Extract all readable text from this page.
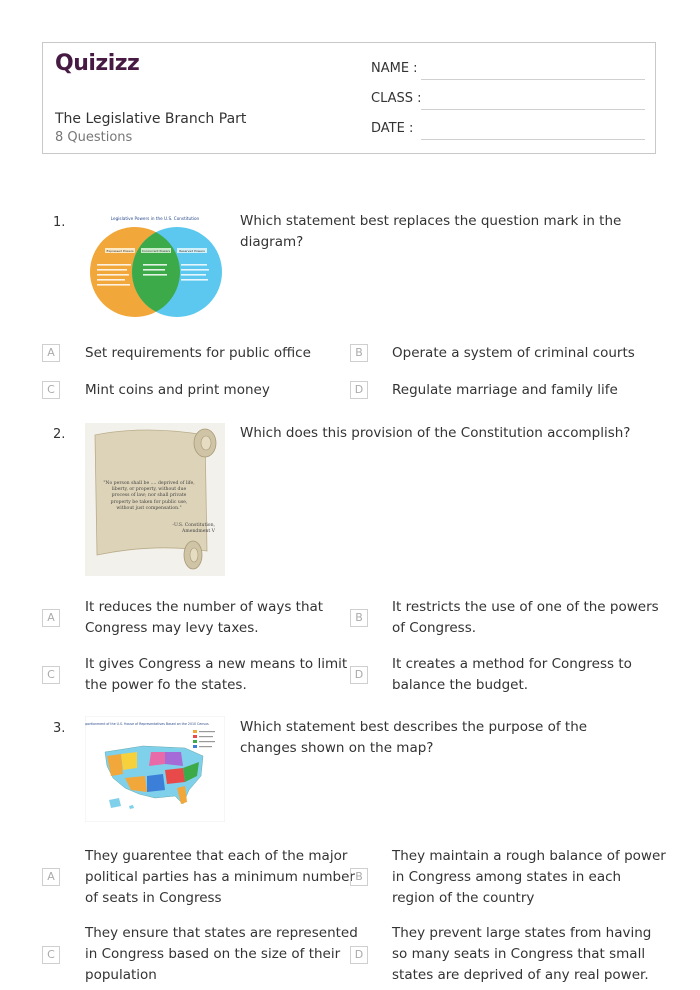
Quizizz
The Legislative Branch Part
8 Questions
NAME :
CLASS :
DATE :
1.	Legislative Powers in the U.S. Constitution
Expressed Powers	Concurrent Powers	Reserved Powers
Which statement best replaces the question mark in the diagram?
A	Set requirements for public office	B	Operate a system of criminal courts
C	Mint coins and print money	D	Regulate marriage and family life
2.
"No person shall be .... deprived of life, liberty, or property, without due process of law; nor shall private property be taken for public use, without just compensation."
-U.S. Constitution,
Amendment V
Which does this provision of the Constitution accomplish?
A
It reduces the number of ways that
Congress may levy taxes.
B
It restricts the use of one of the powers
of Congress.
C
It gives Congress a new means to limit
the power fo the states.
D
It creates a method for Congress to
balance the budget.
3.	Apportionment of the U.S. House of Representatives Based on the 2010 Census Which statement best describes the purpose of the changes shown on the map?
A
They guarentee that each of the major
political parties has a minimum number
of seats in Congress
B
They maintain a rough balance of power
in Congress among states in each
region of the country
C
They ensure that states are represented
in Congress based on the size of their
population
D
They prevent large states from having
so many seats in Congress that small
states are deprived of any real power.
